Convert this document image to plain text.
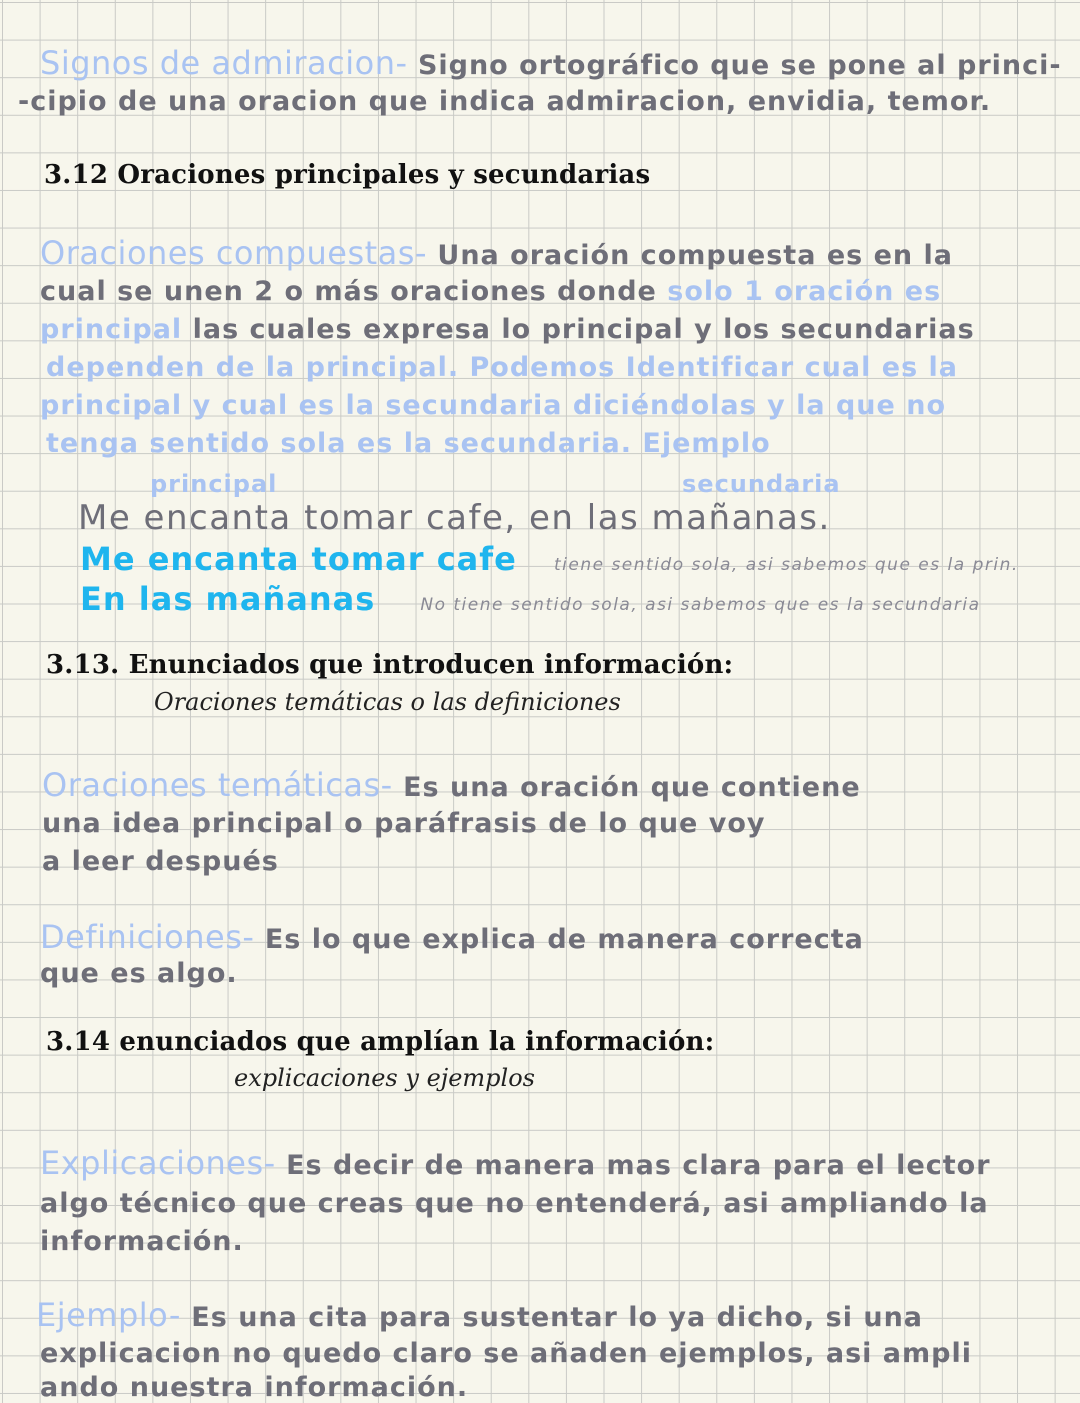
Signos de admiracion- Signo ortográfico que se pone al princi-
-cipio de una oracion que indica admiracion, envidia, temor.
3.12 Oraciones principales y secundarias
Oraciones compuestas- Una oración compuesta es en la
cual se unen 2 o más oraciones donde solo 1 oración es
principal las cuales expresa lo principal y los secundarias
dependen de la principal. Podemos Identificar cual es la
principal y cual es la secundaria diciéndolas y la que no
tenga sentido sola es la secundaria. Ejemplo
principal	secundaria
Me encanta tomar cafe, en las mañanas.
Me encanta tomar cafe tiene sentido sola, asi sabemos que es la prin.
En las mañanas	No tiene sentido sola, asi sabemos que es la secundaria
3.13. Enunciados que introducen información:
Oraciones temáticas o las definiciones
Oraciones temáticas- Es una oración que contiene
una idea principal o paráfrasis de lo que voy
a leer después
Definiciones- Es lo que explica de manera correcta
que es algo.
3.14 enunciados que amplían la información:
explicaciones y ejemplos
Explicaciones- Es decir de manera mas clara para el lector
algo técnico que creas que no entenderá, asi ampliando la
información.
Ejemplo- Es una cita para sustentar lo ya dicho, si una
explicacion no quedo claro se añaden ejemplos, asi ampli
ando nuestra información.
